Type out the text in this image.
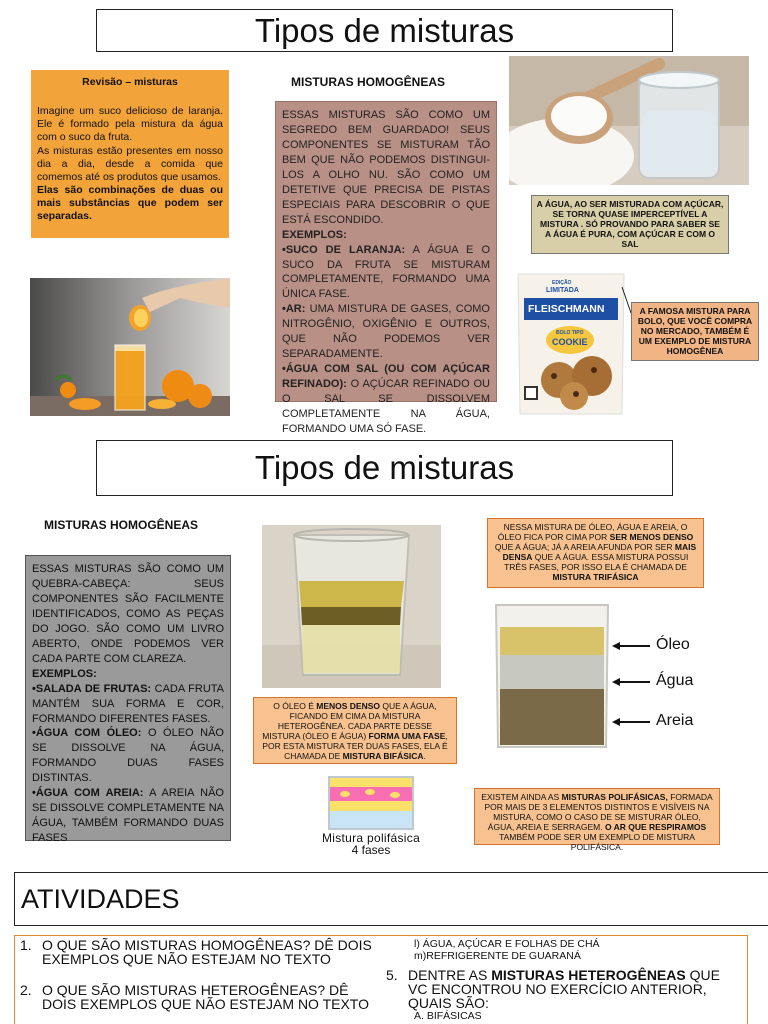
Tipos de misturas
Revisão – misturas
Imagine um suco delicioso de laranja. Ele é formado pela mistura da água com o suco da fruta.
As misturas estão presentes em nosso dia a dia, desde a comida que comemos até os produtos que usamos.
Elas são combinações de duas ou mais substâncias que podem ser separadas.
MISTURAS HOMOGÊNEAS
ESSAS MISTURAS SÃO COMO UM SEGREDO BEM GUARDADO! SEUS COMPONENTES SE MISTURAM TÃO BEM QUE NÃO PODEMOS DISTINGUI-LOS A OLHO NU. SÃO COMO UM DETETIVE QUE PRECISA DE PISTAS ESPECIAIS PARA DESCOBRIR O QUE ESTÁ ESCONDIDO.
EXEMPLOS:
•SUCO DE LARANJA: A ÁGUA E O SUCO DA FRUTA SE MISTURAM COMPLETAMENTE, FORMANDO UMA ÚNICA FASE.
•AR: UMA MISTURA DE GASES, COMO NITROGÊNIO, OXIGÊNIO E OUTROS, QUE NÃO PODEMOS VER SEPARADAMENTE.
•ÁGUA COM SAL (OU COM AÇÚCAR REFINADO): O AÇÚCAR REFINADO OU O SAL SE DISSOLVEM COMPLETAMENTE NA ÁGUA, FORMANDO UMA SÓ FASE.
A ÁGUA, AO SER MISTURADA COM AÇÚCAR, SE TORNA QUASE IMPERCEPTÍVEL A MISTURA . SÓ PROVANDO PARA SABER SE A ÁGUA É PURA, COM AÇÚCAR E COM O SAL
EDIÇÃO
LIMITADA
FLEISCHMANN
BOLO TIPO
COOKIE
A FAMOSA MISTURA PARA BOLO, QUE VOCÊ COMPRA NO MERCADO, TAMBÉM É UM EXEMPLO DE MISTURA HOMOGÊNEA
Tipos de misturas
MISTURAS HOMOGÊNEAS
ESSAS MISTURAS SÃO COMO UM QUEBRA-CABEÇA: SEUS COMPONENTES SÃO FACILMENTE IDENTIFICADOS, COMO AS PEÇAS DO JOGO. SÃO COMO UM LIVRO ABERTO, ONDE PODEMOS VER CADA PARTE COM CLAREZA.
EXEMPLOS:
•SALADA DE FRUTAS: CADA FRUTA MANTÉM SUA FORMA E COR, FORMANDO DIFERENTES FASES.
•ÁGUA COM ÓLEO: O ÓLEO NÃO SE DISSOLVE NA ÁGUA, FORMANDO DUAS FASES DISTINTAS.
•ÁGUA COM AREIA: A AREIA NÃO SE DISSOLVE COMPLETAMENTE NA ÁGUA, TAMBÉM FORMANDO DUAS FASES
O ÓLEO É MENOS DENSO QUE A ÁGUA, FICANDO EM CIMA DA MISTURA HETEROGÊNEA. CADA PARTE DESSE MISTURA (ÓLEO E ÁGUA) FORMA UMA FASE, POR ESTA MISTURA TER DUAS FASES, ELA É CHAMADA DE MISTURA BIFÁSICA.
NESSA MISTURA DE ÓLEO, ÁGUA E AREIA, O ÓLEO FICA POR CIMA POR SER MENOS DENSO QUE A ÁGUA; JÁ A AREIA AFUNDA POR SER MAIS DENSA QUE A ÁGUA. ESSA MISTURA POSSUI TRÊS FASES, POR ISSO ELA É CHAMADA DE MISTURA TRIFÁSICA
Óleo
Água
Areia
Mistura polifásica
4 fases
EXISTEM AINDA AS MISTURAS POLIFÁSICAS, FORMADA POR MAIS DE 3 ELEMENTOS DISTINTOS E VISÍVEIS NA MISTURA, COMO O CASO DE SE MISTURAR ÓLEO, ÁGUA, AREIA E SERRAGEM. O AR QUE RESPIRAMOS TAMBÉM PODE SER UM EXEMPLO DE MISTURA POLIFÁSICA.
ATIVIDADES
1. O QUE SÃO MISTURAS HOMOGÊNEAS? DÊ DOIS EXEMPLOS QUE NÃO ESTEJAM NO TEXTO
2. O QUE SÃO MISTURAS HETEROGÊNEAS? DÊ DOIS EXEMPLOS QUE NÃO ESTEJAM NO TEXTO
l) ÁGUA, AÇÚCAR E FOLHAS DE CHÁ
m)REFRIGERENTE DE GUARANÁ
5. DENTRE AS MISTURAS HETEROGÊNEAS QUE VC ENCONTROU NO EXERCÍCIO ANTERIOR, QUAIS SÃO:
A. BIFÁSICAS
